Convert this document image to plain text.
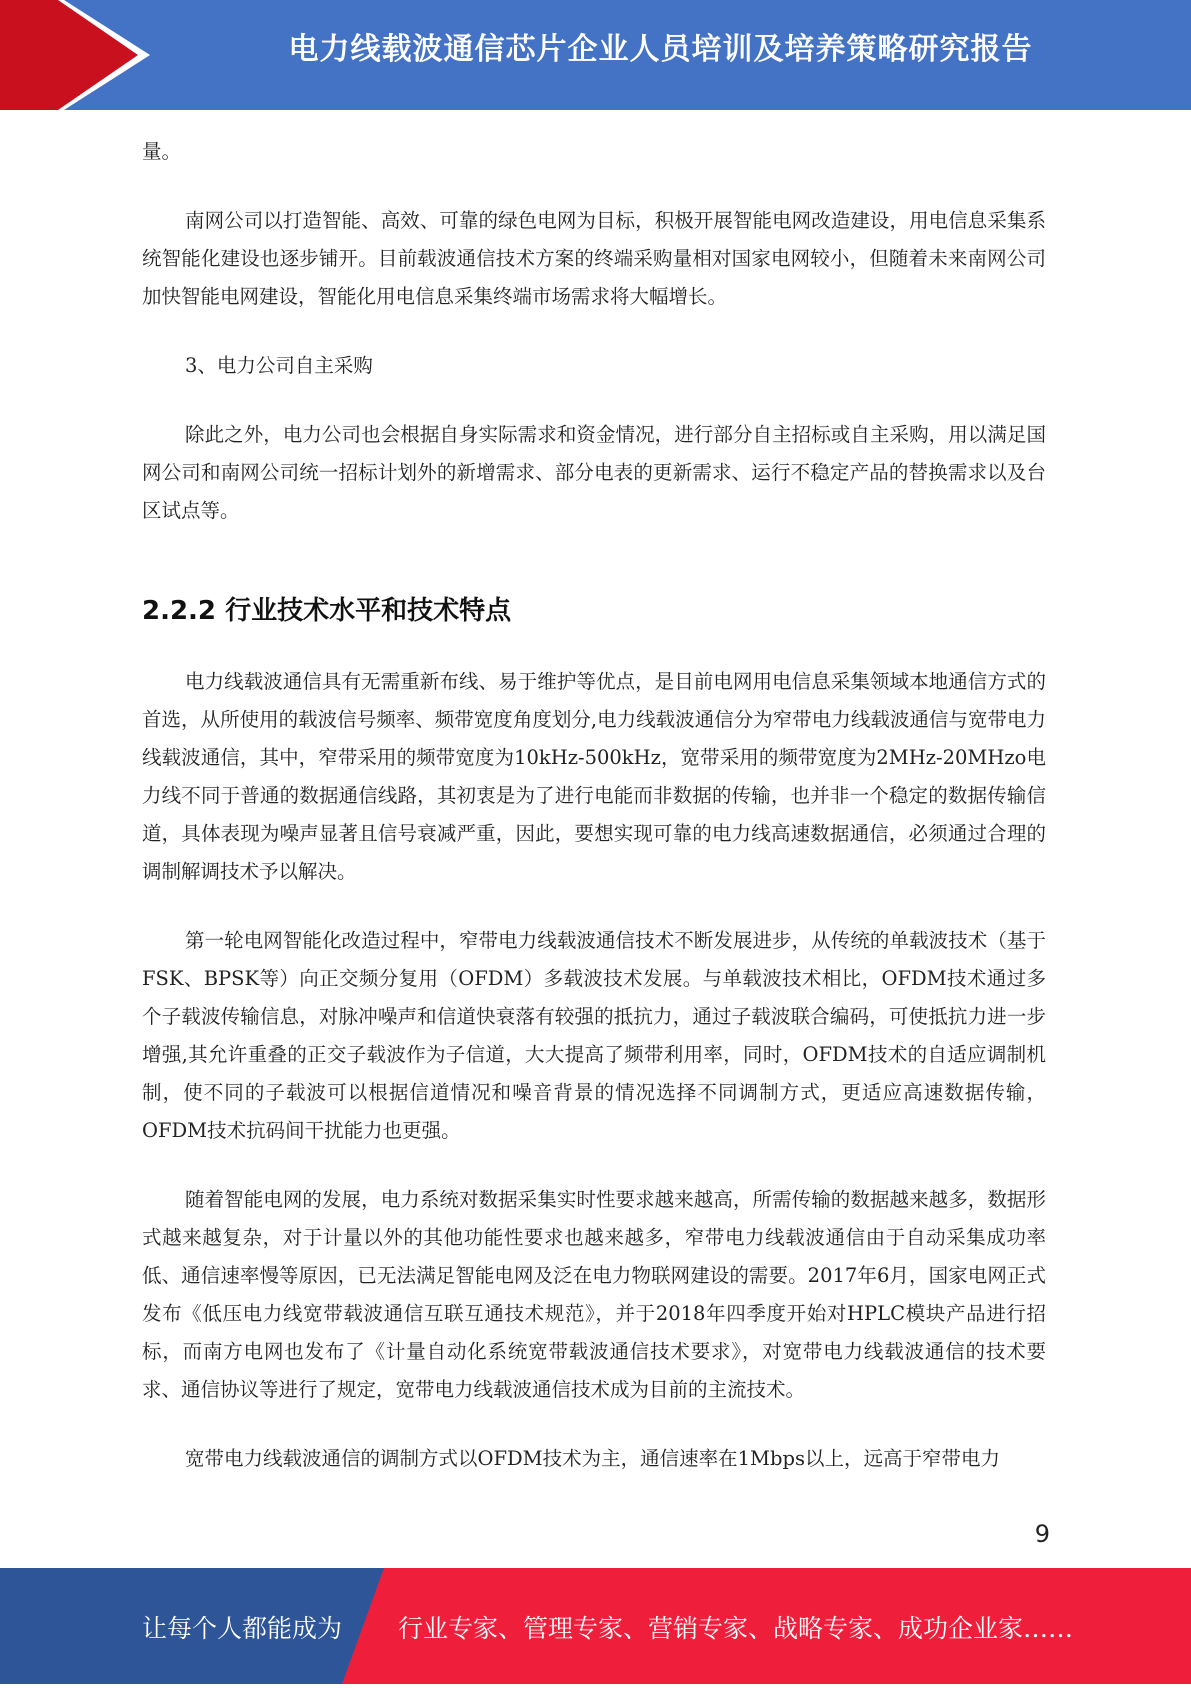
电力线载波通信芯片企业人员培训及培养策略研究报告

量。

南网公司以打造智能、高效、可靠的绿色电网为目标，积极开展智能电网改造建设，用电信息采集系统智能化建设也逐步铺开。目前载波通信技术方案的终端采购量相对国家电网较小，但随着未来南网公司加快智能电网建设，智能化用电信息采集终端市场需求将大幅增长。

3、电力公司自主采购

除此之外，电力公司也会根据自身实际需求和资金情况，进行部分自主招标或自主采购，用以满足国网公司和南网公司统一招标计划外的新增需求、部分电表的更新需求、运行不稳定产品的替换需求以及台区试点等。

2.2.2 行业技术水平和技术特点

电力线载波通信具有无需重新布线、易于维护等优点，是目前电网用电信息采集领域本地通信方式的首选，从所使用的载波信号频率、频带宽度角度划分,电力线载波通信分为窄带电力线载波通信与宽带电力线载波通信，其中，窄带采用的频带宽度为10kHz-500kHz，宽带采用的频带宽度为2MHz-20MHzo电力线不同于普通的数据通信线路，其初衷是为了进行电能而非数据的传输，也并非一个稳定的数据传输信道，具体表现为噪声显著且信号衰减严重，因此，要想实现可靠的电力线高速数据通信，必须通过合理的调制解调技术予以解决。

第一轮电网智能化改造过程中，窄带电力线载波通信技术不断发展进步，从传统的单载波技术（基于FSK、BPSK等）向正交频分复用（OFDM）多载波技术发展。与单载波技术相比，OFDM技术通过多个子载波传输信息，对脉冲噪声和信道快衰落有较强的抵抗力，通过子载波联合编码，可使抵抗力进一步增强,其允许重叠的正交子载波作为子信道，大大提高了频带利用率，同时，OFDM技术的自适应调制机制，使不同的子载波可以根据信道情况和噪音背景的情况选择不同调制方式，更适应高速数据传输，OFDM技术抗码间干扰能力也更强。

随着智能电网的发展，电力系统对数据采集实时性要求越来越高，所需传输的数据越来越多，数据形式越来越复杂，对于计量以外的其他功能性要求也越来越多，窄带电力线载波通信由于自动采集成功率低、通信速率慢等原因，已无法满足智能电网及泛在电力物联网建设的需要。2017年6月，国家电网正式发布《低压电力线宽带载波通信互联互通技术规范》，并于2018年四季度开始对HPLC模块产品进行招标，而南方电网也发布了《计量自动化系统宽带载波通信技术要求》，对宽带电力线载波通信的技术要求、通信协议等进行了规定，宽带电力线载波通信技术成为目前的主流技术。

宽带电力线载波通信的调制方式以OFDM技术为主，通信速率在1Mbps以上，远高于窄带电力

9
让每个人都能成为 行业专家、管理专家、营销专家、战略专家、成功企业家……
